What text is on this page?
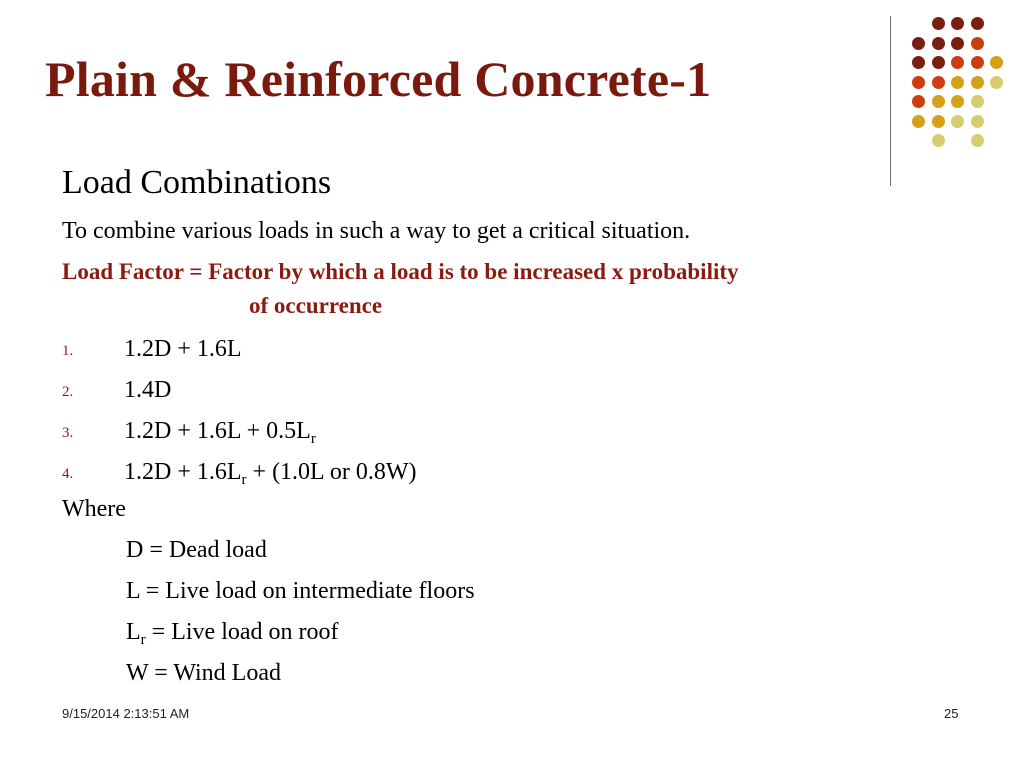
Plain & Reinforced Concrete-1
Load Combinations
To combine various loads in such a way to get a critical situation.
Load Factor = Factor by which a load is to be increased x probability
of occurrence
1. 1.2D + 1.6L
2. 1.4D
3. $1.2D + 1.6L + 0.5L_r$
4. $1.2D + 1.6L_r + (1.0L$ or 0.8W)
Where
D = Dead load
L = Live load on intermediate floors
$L_r$ = Live load on roof
W = Wind Load
9/15/2014 2:13:51 AM	25
